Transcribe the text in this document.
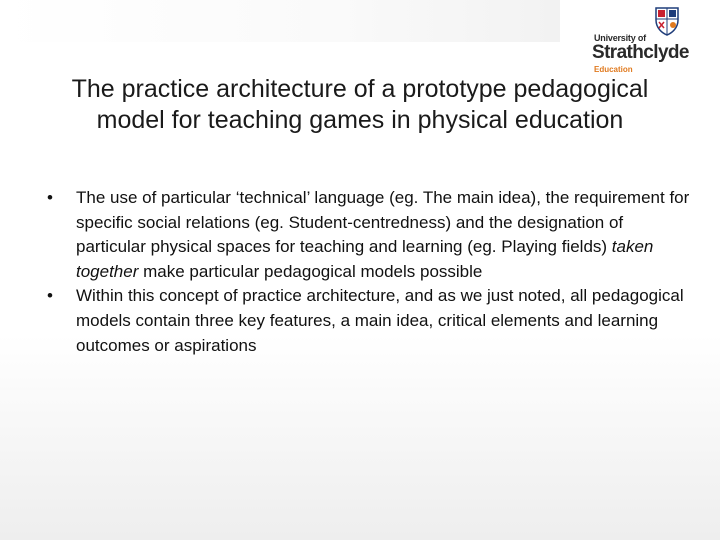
University of
Strathclyde
Education
The practice architecture of a prototype pedagogical model for teaching games in physical education
•	The use of particular ‘technical’ language (eg. The main idea), the requirement for specific social relations (eg. Student-centredness) and the designation of particular physical spaces for teaching and learning (eg. Playing fields) taken together make particular pedagogical models possible
•	Within this concept of practice architecture, and as we just noted, all pedagogical models contain three key features, a main idea, critical elements and learning outcomes or aspirations
